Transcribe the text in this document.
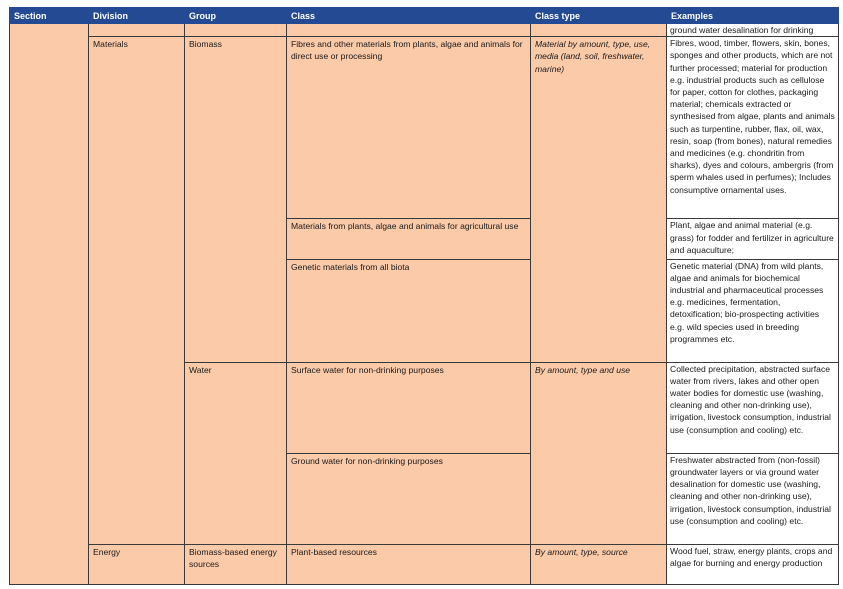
Section	Division	Group	Class	Class type	Examples
					ground water desalination for drinking
	Materials	Biomass	Fibres and other materials from plants, algae and animals for direct use or processing	Material by amount, type, use, media (land, soil, freshwater, marine)	Fibres, wood, timber, flowers, skin, bones, sponges and other products, which are not further processed; material for production e.g. industrial products such as cellulose for paper, cotton for clothes, packaging material; chemicals extracted or synthesised from algae, plants and animals such as turpentine, rubber, flax, oil, wax, resin, soap (from bones), natural remedies and medicines (e.g. chondritin from sharks), dyes and colours, ambergris (from sperm whales used in perfumes); Includes consumptive ornamental uses.
			Materials from plants, algae and animals for agricultural use		Plant, algae and animal material (e.g. grass) for fodder and fertilizer in agriculture and aquaculture;
			Genetic materials from all biota		Genetic material (DNA) from wild plants, algae and animals for biochemical industrial and pharmaceutical processes e.g. medicines, fermentation, detoxification; bio-prospecting activities e.g. wild species used in breeding programmes etc.
		Water	Surface water for non-drinking purposes	By amount, type and use	Collected precipitation, abstracted surface water from rivers, lakes and other open water bodies for domestic use (washing, cleaning and other non-drinking use), irrigation, livestock consumption, industrial use (consumption and cooling) etc.
			Ground water for non-drinking purposes		Freshwater abstracted from (non-fossil) groundwater layers or via ground water desalination for domestic use (washing, cleaning and other non-drinking use), irrigation, livestock consumption, industrial use (consumption and cooling) etc.
	Energy	Biomass-based energy sources	Plant-based resources	By amount, type, source	Wood fuel, straw, energy plants, crops and algae for burning and energy production
